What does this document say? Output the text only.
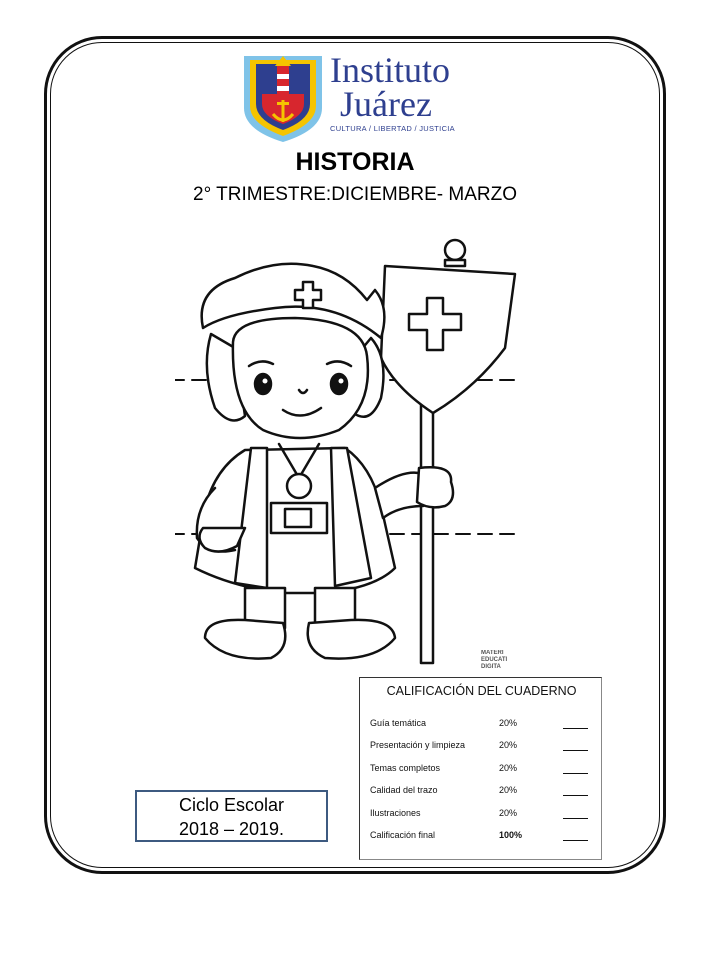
Instituto
Juárez
CULTURA / LIBERTAD / JUSTICIA
HISTORIA
2° TRIMESTRE:DICIEMBRE- MARZO
MATERI EDUCATI DIGITA
CALIFICACIÓN DEL CUADERNO
Guía temática	20%
Presentación y limpieza	20%
Temas completos	20%
Calidad del trazo	20%
Ilustraciones	20%
Calificación final	100%
Ciclo Escolar
2018 – 2019.
